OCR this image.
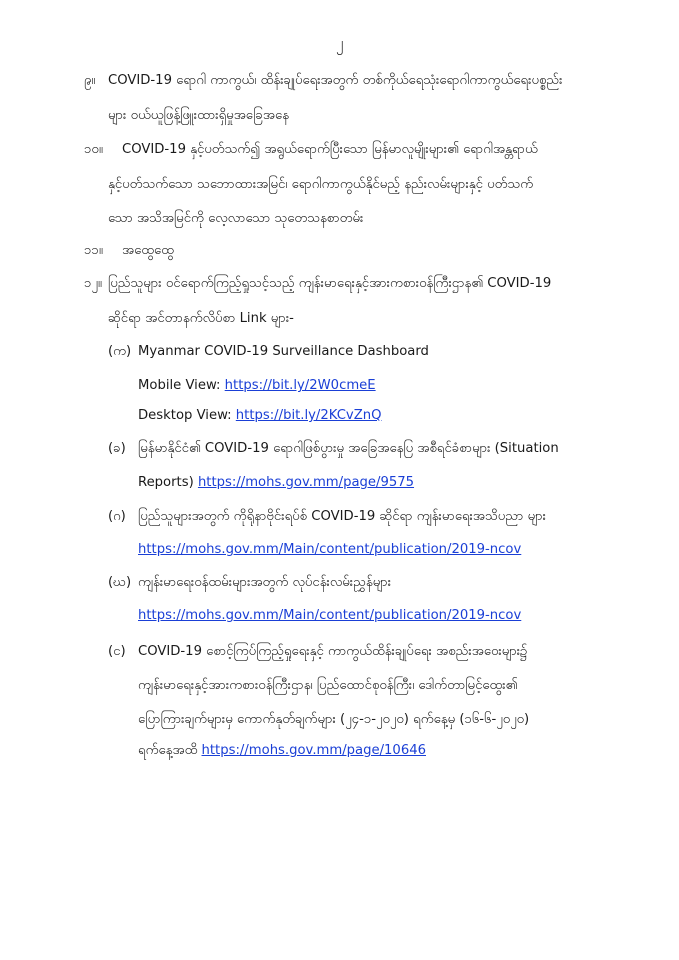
၂
၉။ COVID-19 ရောဂါ ကာကွယ်၊ ထိန်းချုပ်ရေးအတွက် တစ်ကိုယ်ရေသုံးရောဂါကာကွယ်ရေးပစ္စည်း
များ ဝယ်ယူဖြန့်ဖြူးထားရှိမှုအခြေအနေ
၁၀။ COVID-19 နှင့်ပတ်သက်၍ အရွယ်ရောက်ပြီးသော မြန်မာလူမျိုးများ၏ ရောဂါအန္တရာယ်
နှင့်ပတ်သက်သော သဘောထားအမြင်၊ ရောဂါကာကွယ်နိုင်မည့် နည်းလမ်းများနှင့် ပတ်သက်
သော အသိအမြင်ကို လေ့လာသော သုတေသနစာတမ်း
၁၁။ အထွေထွေ
၁၂။ ပြည်သူများ ဝင်ရောက်ကြည့်ရှုသင့်သည့် ကျန်းမာရေးနှင့်အားကစားဝန်ကြီးဌာန၏ COVID-19
ဆိုင်ရာ အင်တာနက်လိပ်စာ Link များ-
(က) Myanmar COVID-19 Surveillance Dashboard
Mobile View: https://bit.ly/2W0cmeE
Desktop View: https://bit.ly/2KCvZnQ
(ခ) မြန်မာနိုင်ငံ၏ COVID-19 ရောဂါဖြစ်ပွားမှု အခြေအနေပြ အစီရင်ခံစာများ (Situation
Reports) https://mohs.gov.mm/page/9575
(ဂ) ပြည်သူများအတွက် ကိုရိုနာဗိုင်းရပ်စ် COVID-19 ဆိုင်ရာ ကျန်းမာရေးအသိပညာ များ
https://mohs.gov.mm/Main/content/publication/2019-ncov
(ဃ) ကျန်းမာရေးဝန်ထမ်းများအတွက် လုပ်ငန်းလမ်းညွှန်များ
https://mohs.gov.mm/Main/content/publication/2019-ncov
(င) COVID-19 စောင့်ကြပ်ကြည့်ရှုရေးနှင့် ကာကွယ်ထိန်းချုပ်ရေး အစည်းအဝေးများ၌
ကျန်းမာရေးနှင့်အားကစားဝန်ကြီးဌာန၊ ပြည်ထောင်စုဝန်ကြီး၊ ဒေါက်တာမြင့်ထွေး၏
ပြောကြားချက်များမှ ကောက်နုတ်ချက်များ (၂၄-၁-၂၀၂၀) ရက်နေ့မှ (၁၆-၆-၂၀၂၀)
ရက်နေ့အထိ https://mohs.gov.mm/page/10646
